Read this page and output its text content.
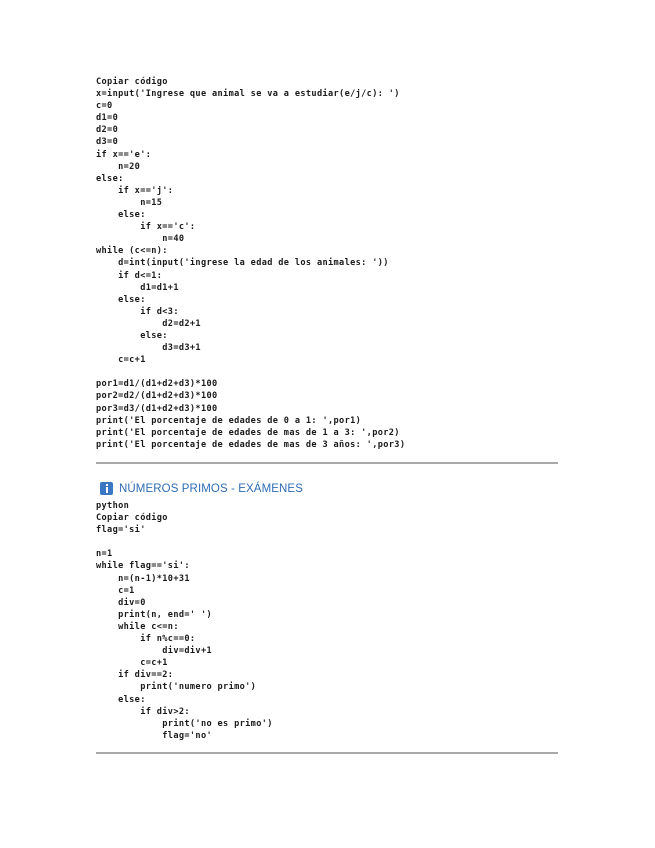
Copiar código
x=input('Ingrese que animal se va a estudiar(e/j/c): ')
c=0
d1=0
d2=0
d3=0
if x=='e':
n=20
else:
if x=='j':
n=15
else:
if x=='c':
n=40
while (c<=n):
d=int(input('ingrese la edad de los animales: '))
if d<=1:
d1=d1+1
else:
if d<3:
d2=d2+1
else:
d3=d3+1
c=c+1
por1=d1/(d1+d2+d3)*100
por2=d2/(d1+d2+d3)*100
por3=d3/(d1+d2+d3)*100
print('El porcentaje de edades de 0 a 1: ',por1)
print('El porcentaje de edades de mas de 1 a 3: ',por2)
print('El porcentaje de edades de mas de 3 años: ',por3)
NÚMEROS PRIMOS - EXÁMENES
python
Copiar código
flag='si'
n=1
while flag=='si':
n=(n-1)*10+31
c=1
div=0
print(n, end=' ')
while c<=n:
if n%c==0:
div=div+1
c=c+1
if div==2:
print('numero primo')
else:
if div>2:
print('no es primo')
flag='no'
